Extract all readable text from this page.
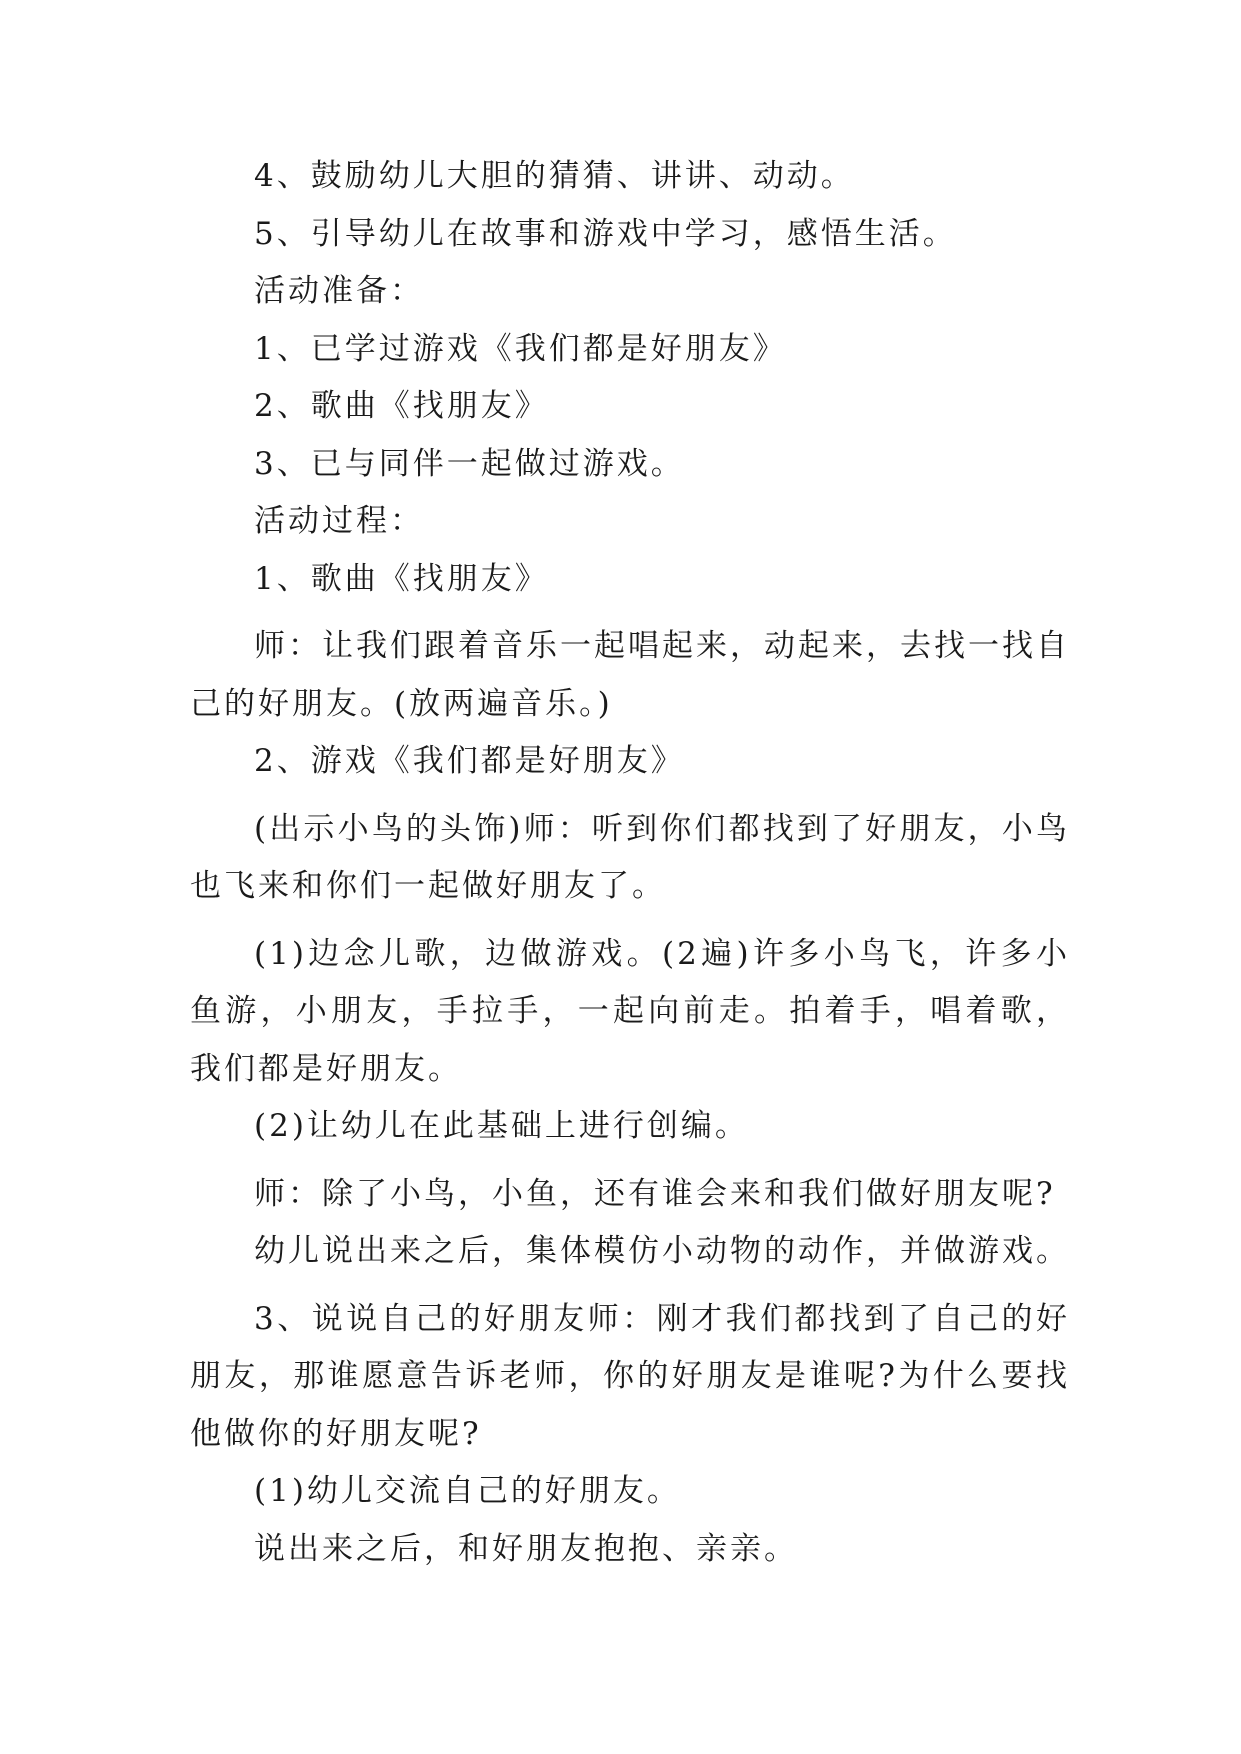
4、鼓励幼儿大胆的猜猜、讲讲、动动。

5、引导幼儿在故事和游戏中学习，感悟生活。

活动准备：

1、已学过游戏《我们都是好朋友》

2、歌曲《找朋友》

3、已与同伴一起做过游戏。

活动过程：

1、歌曲《找朋友》

师：让我们跟着音乐一起唱起来，动起来，去找一找自己的好朋友。(放两遍音乐。)

2、游戏《我们都是好朋友》

(出示小鸟的头饰)师：听到你们都找到了好朋友，小鸟也飞来和你们一起做好朋友了。

(1)边念儿歌，边做游戏。(2遍)许多小鸟飞，许多小鱼游，小朋友，手拉手，一起向前走。拍着手，唱着歌，我们都是好朋友。

(2)让幼儿在此基础上进行创编。

师：除了小鸟，小鱼，还有谁会来和我们做好朋友呢?

幼儿说出来之后，集体模仿小动物的动作，并做游戏。

3、说说自己的好朋友师：刚才我们都找到了自己的好朋友，那谁愿意告诉老师，你的好朋友是谁呢?为什么要找他做你的好朋友呢?

(1)幼儿交流自己的好朋友。

说出来之后，和好朋友抱抱、亲亲。
